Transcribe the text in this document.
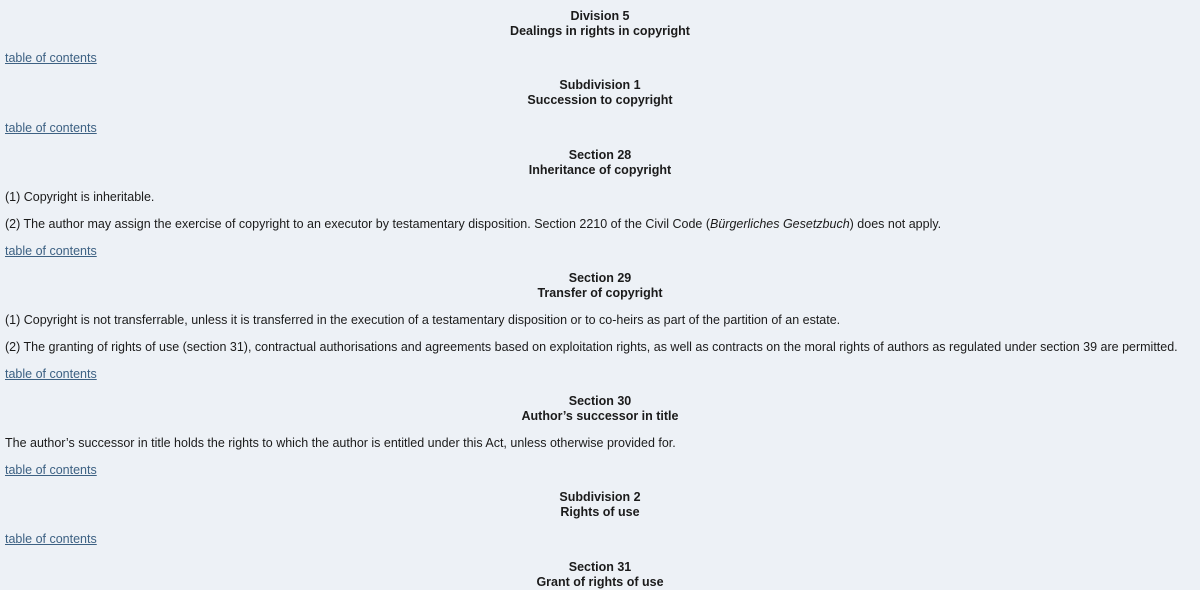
Division 5
Dealings in rights in copyright
table of contents
Subdivision 1
Succession to copyright
table of contents
Section 28
Inheritance of copyright
(1) Copyright is inheritable.
(2) The author may assign the exercise of copyright to an executor by testamentary disposition. Section 2210 of the Civil Code (Bürgerliches Gesetzbuch) does not apply.
table of contents
Section 29
Transfer of copyright
(1) Copyright is not transferrable, unless it is transferred in the execution of a testamentary disposition or to co-heirs as part of the partition of an estate.
(2) The granting of rights of use (section 31), contractual authorisations and agreements based on exploitation rights, as well as contracts on the moral rights of authors as regulated under section 39 are permitted.
table of contents
Section 30
Author’s successor in title
The author’s successor in title holds the rights to which the author is entitled under this Act, unless otherwise provided for.
table of contents
Subdivision 2
Rights of use
table of contents
Section 31
Grant of rights of use
